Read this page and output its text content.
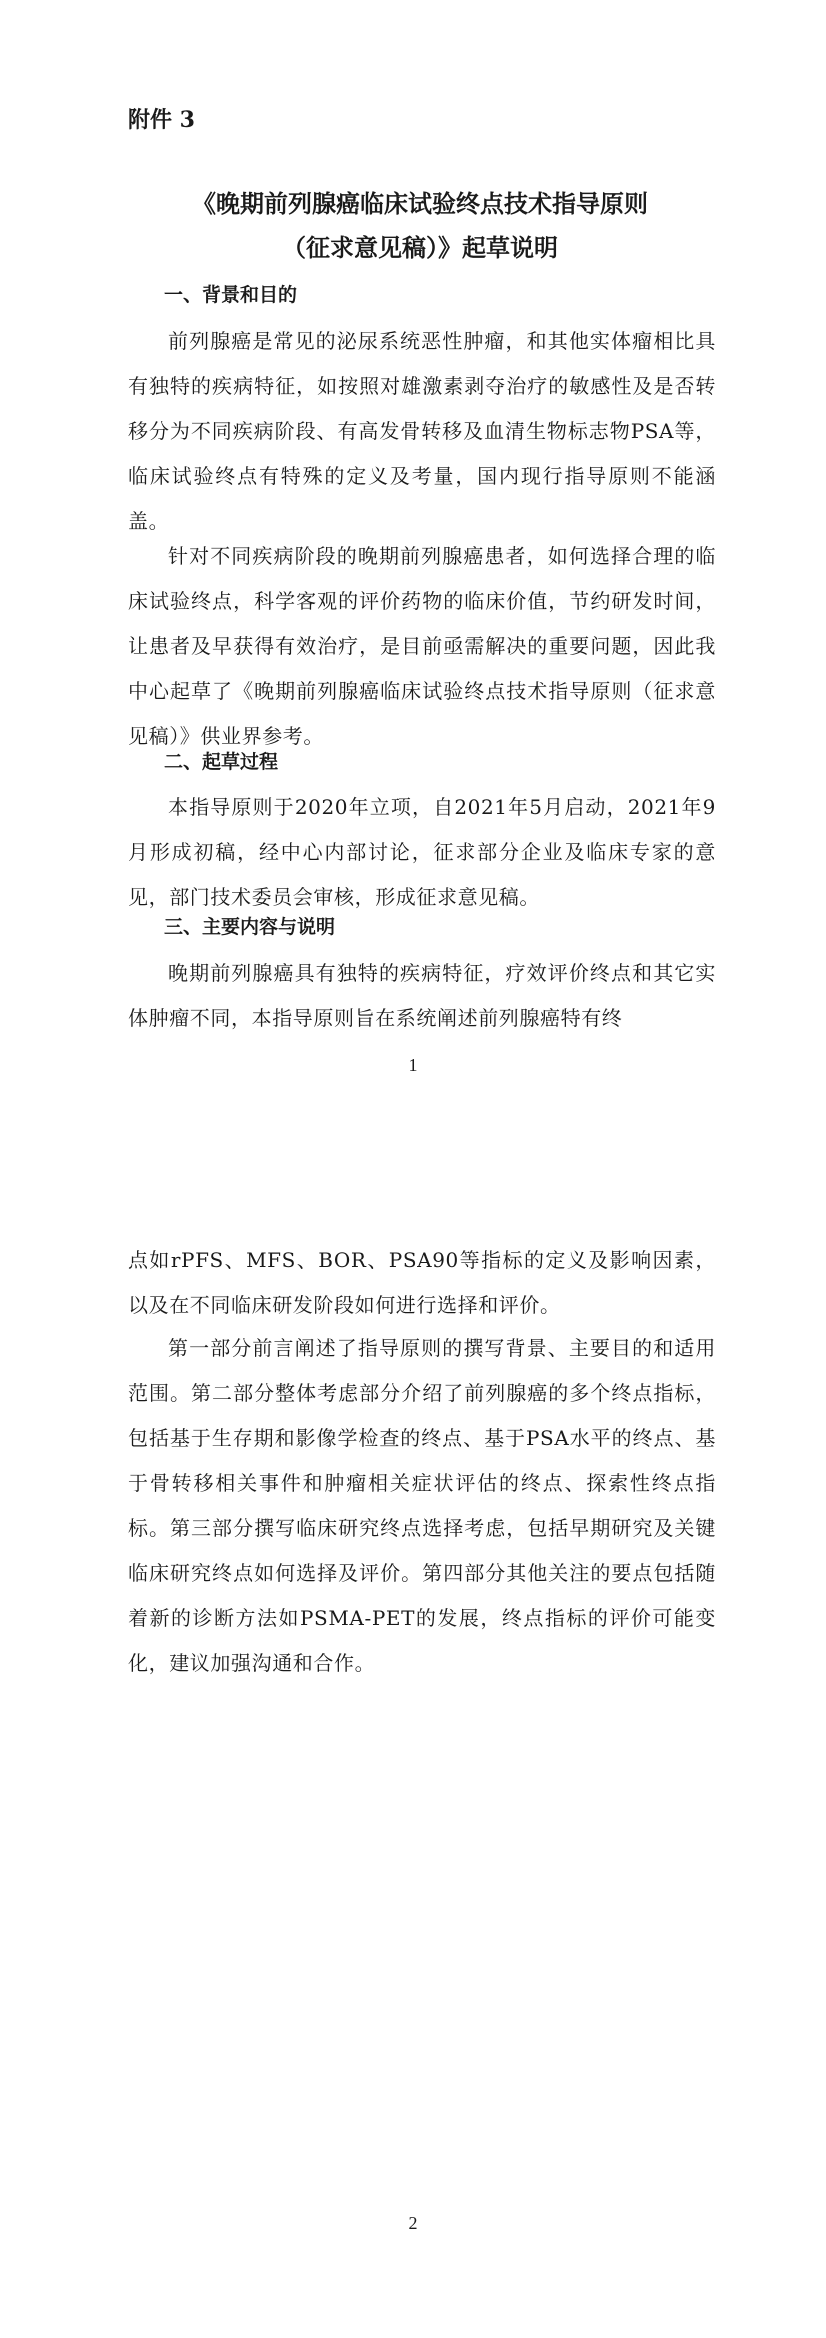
附件 3

《晚期前列腺癌临床试验终点技术指导原则
（征求意见稿）》起草说明
一、背景和目的

前列腺癌是常见的泌尿系统恶性肿瘤，和其他实体瘤相比具有独特的疾病特征，如按照对雄激素剥夺治疗的敏感性及是否转移分为不同疾病阶段、有高发骨转移及血清生物标志物PSA等，临床试验终点有特殊的定义及考量，国内现行指导原则不能涵盖。

针对不同疾病阶段的晚期前列腺癌患者，如何选择合理的临床试验终点，科学客观的评价药物的临床价值，节约研发时间，让患者及早获得有效治疗，是目前亟需解决的重要问题，因此我中心起草了《晚期前列腺癌临床试验终点技术指导原则（征求意见稿）》供业界参考。

二、起草过程

本指导原则于2020年立项，自2021年5月启动，2021年9月形成初稿，经中心内部讨论，征求部分企业及临床专家的意见，部门技术委员会审核，形成征求意见稿。

三、主要内容与说明

晚期前列腺癌具有独特的疾病特征，疗效评价终点和其它实体肿瘤不同，本指导原则旨在系统阐述前列腺癌特有终

1

点如rPFS、MFS、BOR、PSA90等指标的定义及影响因素，以及在不同临床研发阶段如何进行选择和评价。

第一部分前言阐述了指导原则的撰写背景、主要目的和适用范围。第二部分整体考虑部分介绍了前列腺癌的多个终点指标，包括基于生存期和影像学检查的终点、基于PSA水平的终点、基于骨转移相关事件和肿瘤相关症状评估的终点、探索性终点指标。第三部分撰写临床研究终点选择考虑，包括早期研究及关键临床研究终点如何选择及评价。第四部分其他关注的要点包括随着新的诊断方法如PSMA-PET的发展，终点指标的评价可能变化，建议加强沟通和合作。

2
